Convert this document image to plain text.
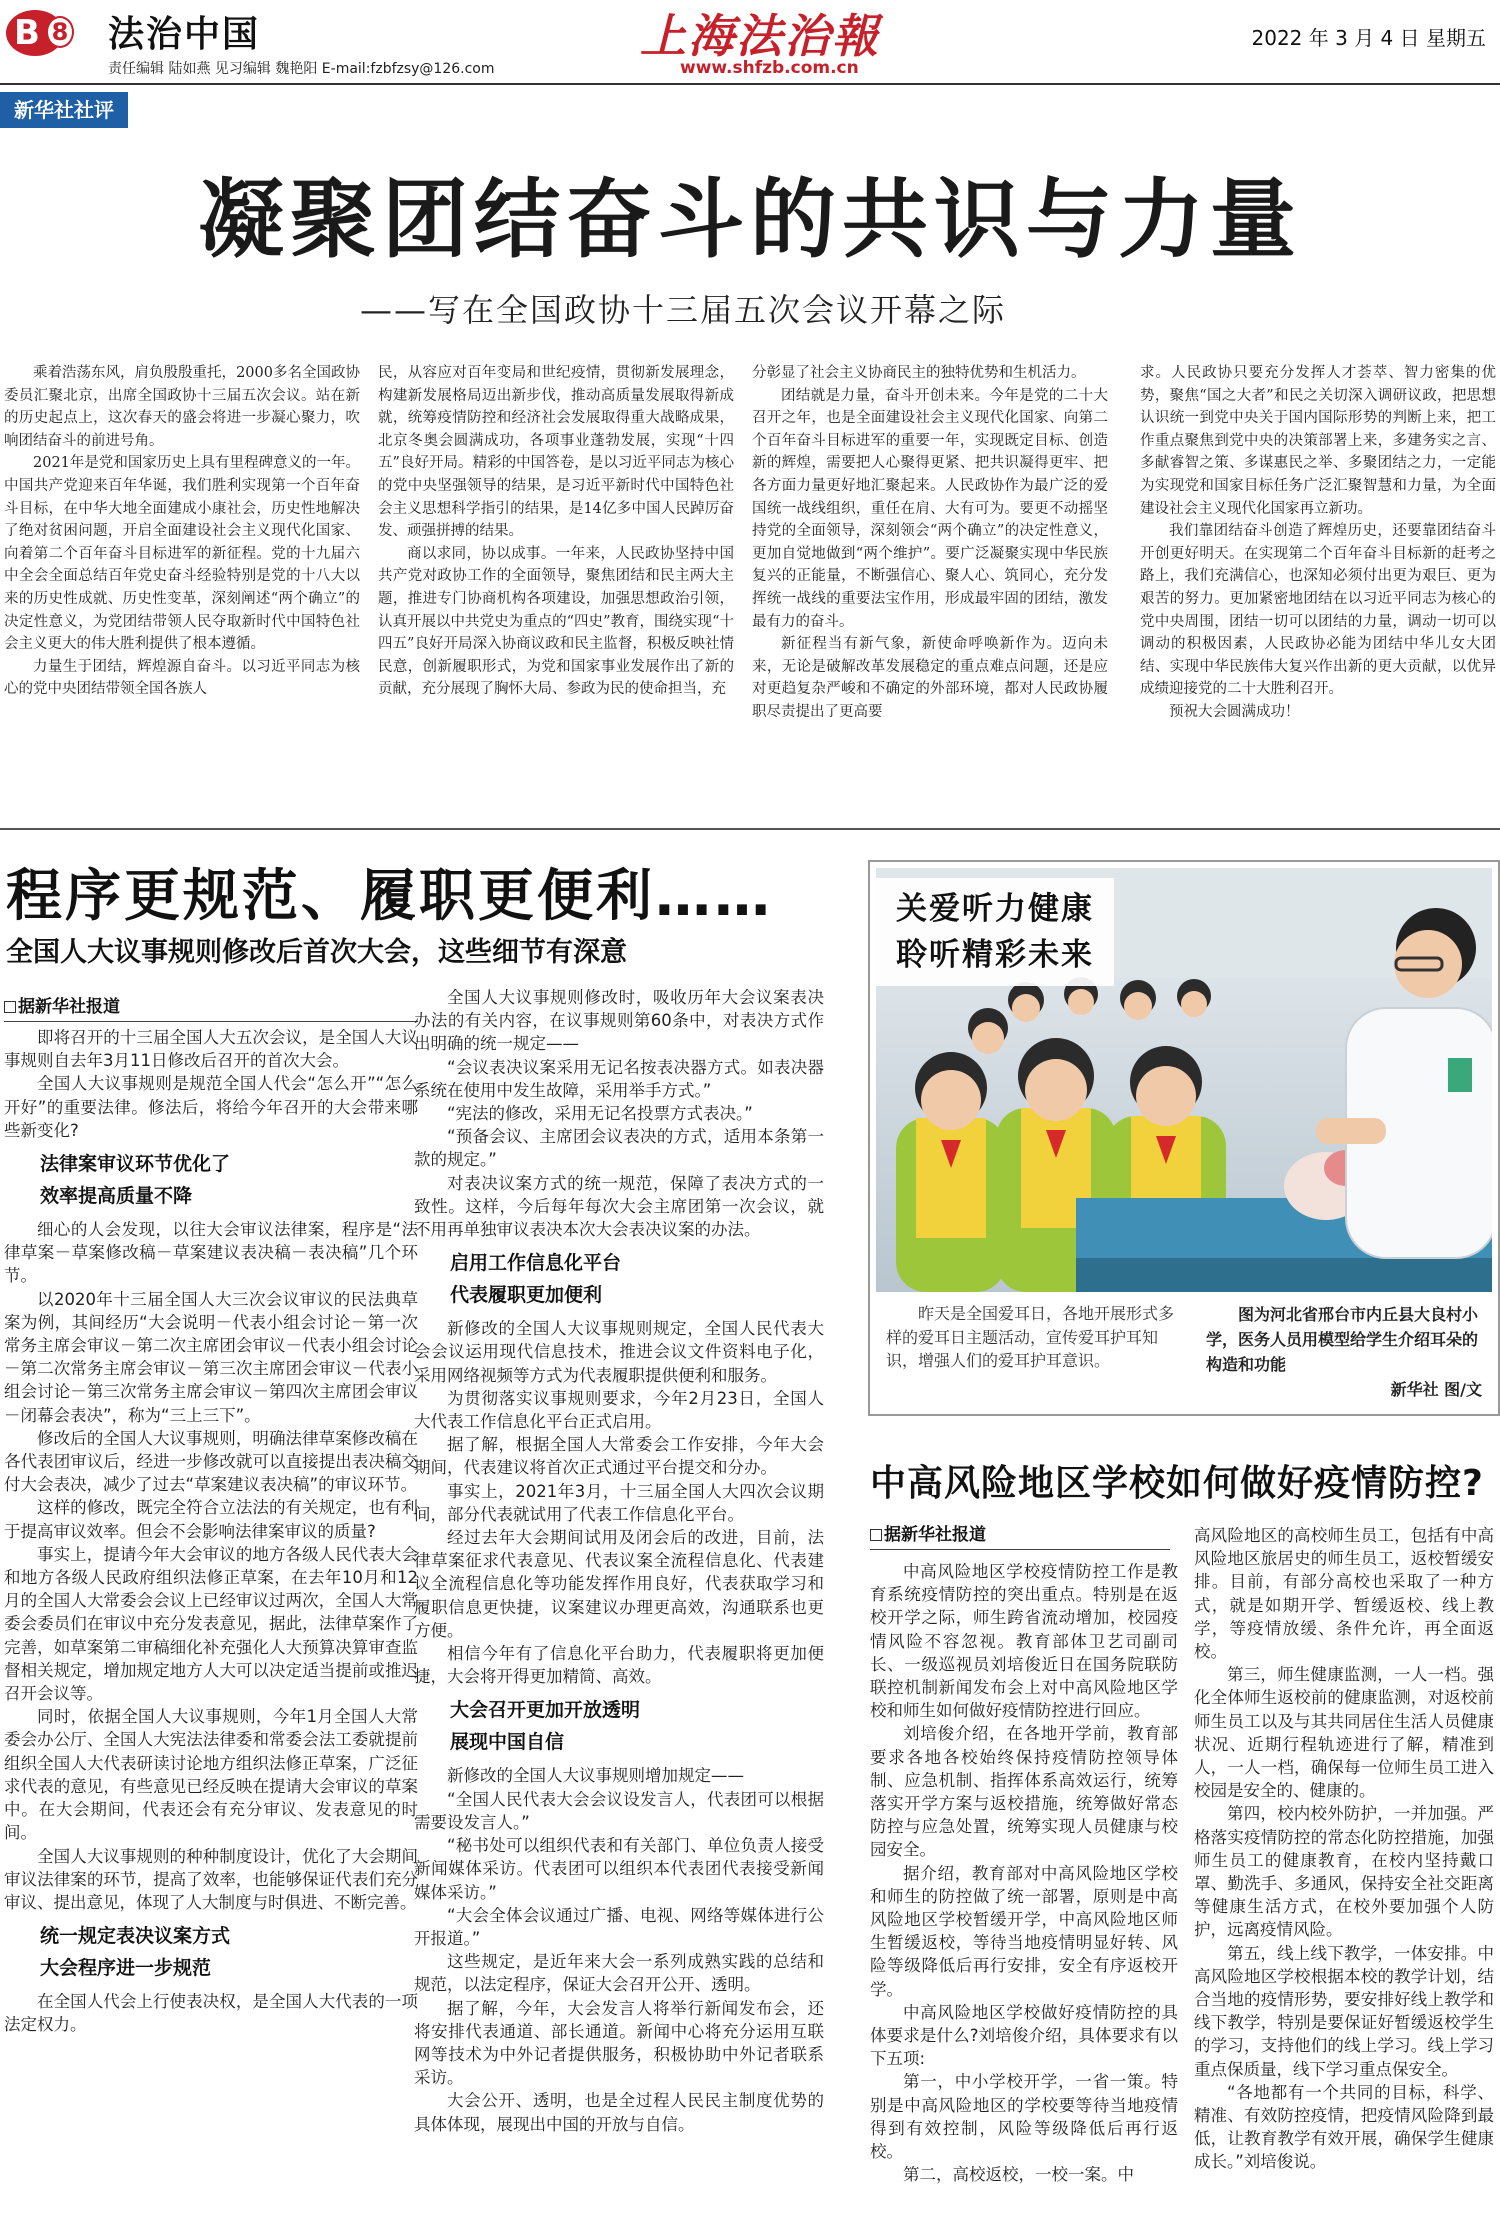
B 8 法治中国
责任编辑 陆如燕 见习编辑 魏艳阳 E-mail:fzbfzsy@126.com
上海法治報
www.shfzb.com.cn
2022 年 3 月 4 日 星期五
新华社社评
凝聚团结奋斗的共识与力量
——写在全国政协十三届五次会议开幕之际

乘着浩荡东风，肩负殷殷重托，2000多名全国政协委员汇聚北京，出席全国政协十三届五次会议。站在新的历史起点上，这次春天的盛会将进一步凝心聚力，吹响团结奋斗的前进号角。

2021年是党和国家历史上具有里程碑意义的一年。中国共产党迎来百年华诞，我们胜利实现第一个百年奋斗目标，在中华大地全面建成小康社会，历史性地解决了绝对贫困问题，开启全面建设社会主义现代化国家、向着第二个百年奋斗目标进军的新征程。党的十九届六中全会全面总结百年党史奋斗经验特别是党的十八大以来的历史性成就、历史性变革，深刻阐述“两个确立”的决定性意义，为党团结带领人民夺取新时代中国特色社会主义更大的伟大胜利提供了根本遵循。

力量生于团结，辉煌源自奋斗。以习近平同志为核心的党中央团结带领全国各族人

民，从容应对百年变局和世纪疫情，贯彻新发展理念，构建新发展格局迈出新步伐，推动高质量发展取得新成就，统筹疫情防控和经济社会发展取得重大战略成果，北京冬奥会圆满成功，各项事业蓬勃发展，实现“十四五”良好开局。精彩的中国答卷，是以习近平同志为核心的党中央坚强领导的结果，是习近平新时代中国特色社会主义思想科学指引的结果，是14亿多中国人民踔厉奋发、顽强拼搏的结果。

商以求同，协以成事。一年来，人民政协坚持中国共产党对政协工作的全面领导，聚焦团结和民主两大主题，推进专门协商机构各项建设，加强思想政治引领，认真开展以中共党史为重点的“四史”教育，围绕实现“十四五”良好开局深入协商议政和民主监督，积极反映社情民意，创新履职形式，为党和国家事业发展作出了新的贡献，充分展现了胸怀大局、参政为民的使命担当，充

分彰显了社会主义协商民主的独特优势和生机活力。

团结就是力量，奋斗开创未来。今年是党的二十大召开之年，也是全面建设社会主义现代化国家、向第二个百年奋斗目标进军的重要一年，实现既定目标、创造新的辉煌，需要把人心聚得更紧、把共识凝得更牢、把各方面力量更好地汇聚起来。人民政协作为最广泛的爱国统一战线组织，重任在肩、大有可为。要更不动摇坚持党的全面领导，深刻领会“两个确立”的决定性意义，更加自觉地做到“两个维护”。要广泛凝聚实现中华民族复兴的正能量，不断强信心、聚人心、筑同心，充分发挥统一战线的重要法宝作用，形成最牢固的团结，激发最有力的奋斗。

新征程当有新气象，新使命呼唤新作为。迈向未来，无论是破解改革发展稳定的重点难点问题，还是应对更趋复杂严峻和不确定的外部环境，都对人民政协履职尽责提出了更高要

求。人民政协只要充分发挥人才荟萃、智力密集的优势，聚焦“国之大者”和民之关切深入调研议政，把思想认识统一到党中央关于国内国际形势的判断上来，把工作重点聚焦到党中央的决策部署上来，多建务实之言、多献睿智之策、多谋惠民之举、多聚团结之力，一定能为实现党和国家目标任务广泛汇聚智慧和力量，为全面建设社会主义现代化国家再立新功。

我们靠团结奋斗创造了辉煌历史，还要靠团结奋斗开创更好明天。在实现第二个百年奋斗目标新的赶考之路上，我们充满信心，也深知必须付出更为艰巨、更为艰苦的努力。更加紧密地团结在以习近平同志为核心的党中央周围，团结一切可以团结的力量，调动一切可以调动的积极因素，人民政协必能为团结中华儿女大团结、实现中华民族伟大复兴作出新的更大贡献，以优异成绩迎接党的二十大胜利召开。

预祝大会圆满成功！

程序更规范、履职更便利……
全国人大议事规则修改后首次大会，这些细节有深意
据新华社报道

即将召开的十三届全国人大五次会议，是全国人大议事规则自去年3月11日修改后召开的首次大会。

全国人大议事规则是规范全国人代会“怎么开”“怎么开好”的重要法律。修法后，将给今年召开的大会带来哪些新变化?

法律案审议环节优化了
效率提高质量不降

细心的人会发现，以往大会审议法律案，程序是“法律草案－草案修改稿－草案建议表决稿－表决稿”几个环节。

以2020年十三届全国人大三次会议审议的民法典草案为例，其间经历“大会说明－代表小组会讨论－第一次常务主席会审议－第二次主席团会审议－代表小组会讨论－第二次常务主席会审议－第三次主席团会审议－代表小组会讨论－第三次常务主席会审议－第四次主席团会审议－闭幕会表决”，称为“三上三下”。

修改后的全国人大议事规则，明确法律草案修改稿在各代表团审议后，经进一步修改就可以直接提出表决稿交付大会表决，减少了过去“草案建议表决稿”的审议环节。

这样的修改，既完全符合立法法的有关规定，也有利于提高审议效率。但会不会影响法律案审议的质量?

事实上，提请今年大会审议的地方各级人民代表大会和地方各级人民政府组织法修正草案，在去年10月和12月的全国人大常委会会议上已经审议过两次，全国人大常委会委员们在审议中充分发表意见，据此，法律草案作了完善，如草案第二审稿细化补充强化人大预算决算审查监督相关规定，增加规定地方人大可以决定适当提前或推迟召开会议等。

同时，依据全国人大议事规则，今年1月全国人大常委会办公厅、全国人大宪法法律委和常委会法工委就提前组织全国人大代表研读讨论地方组织法修正草案，广泛征求代表的意见，有些意见已经反映在提请大会审议的草案中。在大会期间，代表还会有充分审议、发表意见的时间。

全国人大议事规则的种种制度设计，优化了大会期间审议法律案的环节，提高了效率，也能够保证代表们充分审议、提出意见，体现了人大制度与时俱进、不断完善。

统一规定表决议案方式
大会程序进一步规范

在全国人代会上行使表决权，是全国人大代表的一项法定权力。

全国人大议事规则修改时，吸收历年大会议案表决办法的有关内容，在议事规则第60条中，对表决方式作出明确的统一规定——

“会议表决议案采用无记名按表决器方式。如表决器系统在使用中发生故障，采用举手方式。”

“宪法的修改，采用无记名投票方式表决。”

“预备会议、主席团会议表决的方式，适用本条第一款的规定。”

对表决议案方式的统一规范，保障了表决方式的一致性。这样，今后每年每次大会主席团第一次会议，就不用再单独审议表决本次大会表决议案的办法。

启用工作信息化平台
代表履职更加便利

新修改的全国人大议事规则规定，全国人民代表大会会议运用现代信息技术，推进会议文件资料电子化，采用网络视频等方式为代表履职提供便利和服务。

为贯彻落实议事规则要求，今年2月23日，全国人大代表工作信息化平台正式启用。

据了解，根据全国人大常委会工作安排，今年大会期间，代表建议将首次正式通过平台提交和分办。

事实上，2021年3月，十三届全国人大四次会议期间，部分代表就试用了代表工作信息化平台。

经过去年大会期间试用及闭会后的改进，目前，法律草案征求代表意见、代表议案全流程信息化、代表建议全流程信息化等功能发挥作用良好，代表获取学习和履职信息更快捷，议案建议办理更高效，沟通联系也更方便。

相信今年有了信息化平台助力，代表履职将更加便捷，大会将开得更加精简、高效。

大会召开更加开放透明
展现中国自信

新修改的全国人大议事规则增加规定——

“全国人民代表大会会议设发言人，代表团可以根据需要设发言人。”

“秘书处可以组织代表和有关部门、单位负责人接受新闻媒体采访。代表团可以组织本代表团代表接受新闻媒体采访。”

“大会全体会议通过广播、电视、网络等媒体进行公开报道。”

这些规定，是近年来大会一系列成熟实践的总结和规范，以法定程序，保证大会召开公开、透明。

据了解，今年，大会发言人将举行新闻发布会，还将安排代表通道、部长通道。新闻中心将充分运用互联网等技术为中外记者提供服务，积极协助中外记者联系采访。

大会公开、透明，也是全过程人民民主制度优势的具体体现，展现出中国的开放与自信。

关爱听力健康
聆听精彩未来

昨天是全国爱耳日，各地开展形式多样的爱耳日主题活动，宣传爱耳护耳知识，增强人们的爱耳护耳意识。

图为河北省邢台市内丘县大良村小学，医务人员用模型给学生介绍耳朵的构造和功能
新华社 图/文

中高风险地区学校如何做好疫情防控?
据新华社报道

中高风险地区学校疫情防控工作是教育系统疫情防控的突出重点。特别是在返校开学之际，师生跨省流动增加，校园疫情风险不容忽视。教育部体卫艺司副司长、一级巡视员刘培俊近日在国务院联防联控机制新闻发布会上对中高风险地区学校和师生如何做好疫情防控进行回应。

刘培俊介绍，在各地开学前，教育部要求各地各校始终保持疫情防控领导体制、应急机制、指挥体系高效运行，统筹落实开学方案与返校措施，统筹做好常态防控与应急处置，统筹实现人员健康与校园安全。

据介绍，教育部对中高风险地区学校和师生的防控做了统一部署，原则是中高风险地区学校暂缓开学，中高风险地区师生暂缓返校，等待当地疫情明显好转、风险等级降低后再行安排，安全有序返校开学。

中高风险地区学校做好疫情防控的具体要求是什么?刘培俊介绍，具体要求有以下五项:

第一，中小学校开学，一省一策。特别是中高风险地区的学校要等待当地疫情得到有效控制，风险等级降低后再行返校。

第二，高校返校，一校一案。中

高风险地区的高校师生员工，包括有中高风险地区旅居史的师生员工，返校暂缓安排。目前，有部分高校也采取了一种方式，就是如期开学、暂缓返校、线上教学，等疫情放缓、条件允许，再全面返校。

第三，师生健康监测，一人一档。强化全体师生返校前的健康监测，对返校前师生员工以及与其共同居住生活人员健康状况、近期行程轨迹进行了解，精准到人，一人一档，确保每一位师生员工进入校园是安全的、健康的。

第四，校内校外防护，一并加强。严格落实疫情防控的常态化防控措施，加强师生员工的健康教育，在校内坚持戴口罩、勤洗手、多通风，保持安全社交距离等健康生活方式，在校外要加强个人防护，远离疫情风险。

第五，线上线下教学，一体安排。中高风险地区学校根据本校的教学计划，结合当地的疫情形势，要安排好线上教学和线下教学，特别是要保证好暂缓返校学生的学习，支持他们的线上学习。线上学习重点保质量，线下学习重点保安全。

“各地都有一个共同的目标，科学、精准、有效防控疫情，把疫情风险降到最低，让教育教学有效开展，确保学生健康成长。”刘培俊说。
